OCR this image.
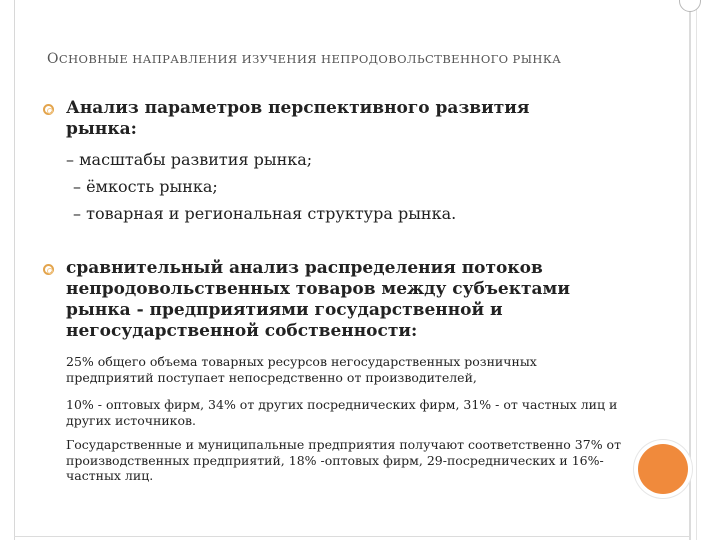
ОСНОВНЫЕ НАПРАВЛЕНИЯ ИЗУЧЕНИЯ НЕПРОДОВОЛЬСТВЕННОГО РЫНКА
Анализ параметров перспективного развития рынка:
– масштабы развития рынка;
– ёмкость рынка;
– товарная и региональная структура рынка.
сравнительный анализ распределения потоков непродовольственных товаров между субъектами рынка - предприятиями государственной и негосударственной собственности:
25% общего объема товарных ресурсов негосударственных розничных предприятий поступает непосредственно от производителей,
10% - оптовых фирм, 34% от других посреднических фирм, 31% - от частных лиц и других источников.
Государственные и муниципальные предприятия получают соответственно 37% от производственных предприятий, 18% -оптовых фирм, 29-посреднических и 16%- частных лиц.
